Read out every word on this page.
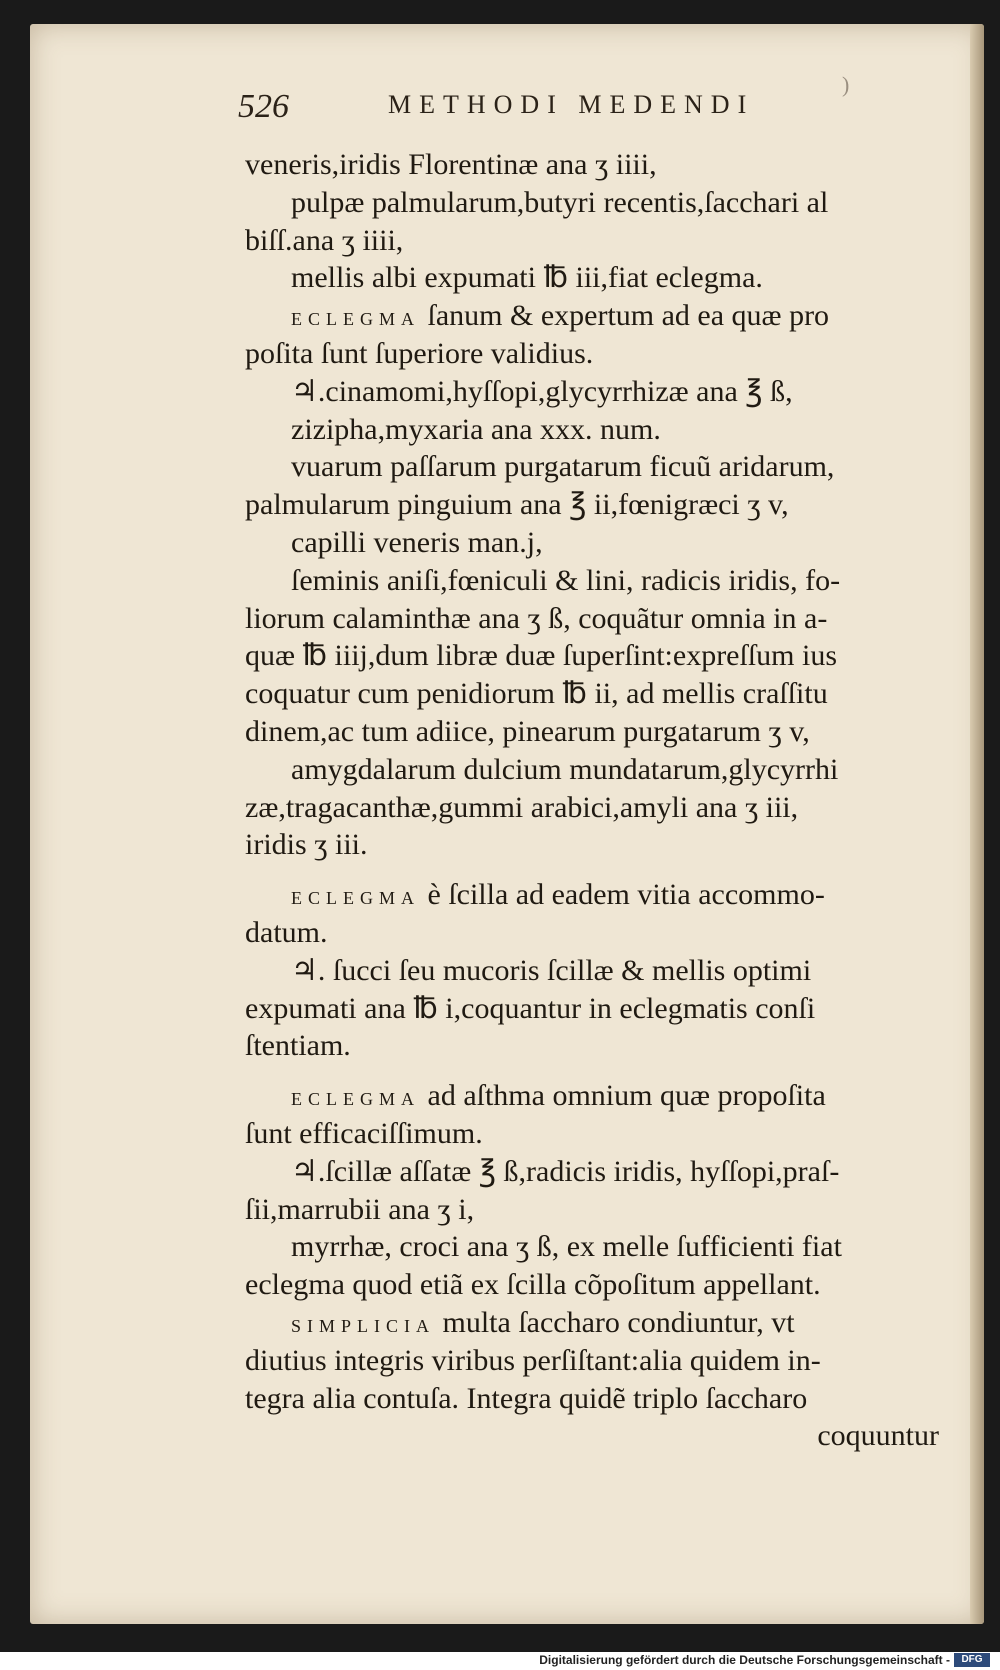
526	METHODI MEDENDI
)
veneris,iridis Florentinæ ana ʒ iiii,
pulpæ palmularum,butyri recentis,ſacchari al
biſſ.ana ʒ iiii,
mellis albi expumati ℔ iii,fiat eclegma.
ECLEGMA ſanum & expertum ad ea quæ pro
poſita ſunt ſuperiore validius.
♃.cinamomi,hyſſopi,glycyrrhizæ ana ℥ ß,
zizipha,myxaria ana xxx. num.
vuarum paſſarum purgatarum ficuũ aridarum,
palmularum pinguium ana ℥ ii,fœnigræci ʒ v,
capilli veneris man.j,
ſeminis aniſi,fœniculi & lini, radicis iridis, fo-
liorum calaminthæ ana ʒ ß, coquãtur omnia in a-
quæ ℔ iiij,dum libræ duæ ſuperſint:expreſſum ius
coquatur cum penidiorum ℔ ii, ad mellis craſſitu
dinem,ac tum adiice, pinearum purgatarum ʒ v,
amygdalarum dulcium mundatarum,glycyrrhi
zæ,tragacanthæ,gummi arabici,amyli ana ʒ iii,
iridis ʒ iii.
ECLEGMA è ſcilla ad eadem vitia accommo-
datum.
♃. ſucci ſeu mucoris ſcillæ & mellis optimi
expumati ana ℔ i,coquantur in eclegmatis conſi
ſtentiam.
ECLEGMA ad aſthma omnium quæ propoſita
ſunt efficaciſſimum.
♃.ſcillæ aſſatæ ℥ ß,radicis iridis, hyſſopi,praſ-
ſii,marrubii ana ʒ i,
myrrhæ, croci ana ʒ ß, ex melle ſufficienti fiat
eclegma quod etiã ex ſcilla cõpoſitum appellant.
SIMPLICIA multa ſaccharo condiuntur, vt
diutius integris viribus perſiſtant:alia quidem in-
tegra alia contuſa. Integra quidẽ triplo ſaccharo
coquuntur
Digitalisierung gefördert durch die Deutsche Forschungsgemeinschaft -	DFG
